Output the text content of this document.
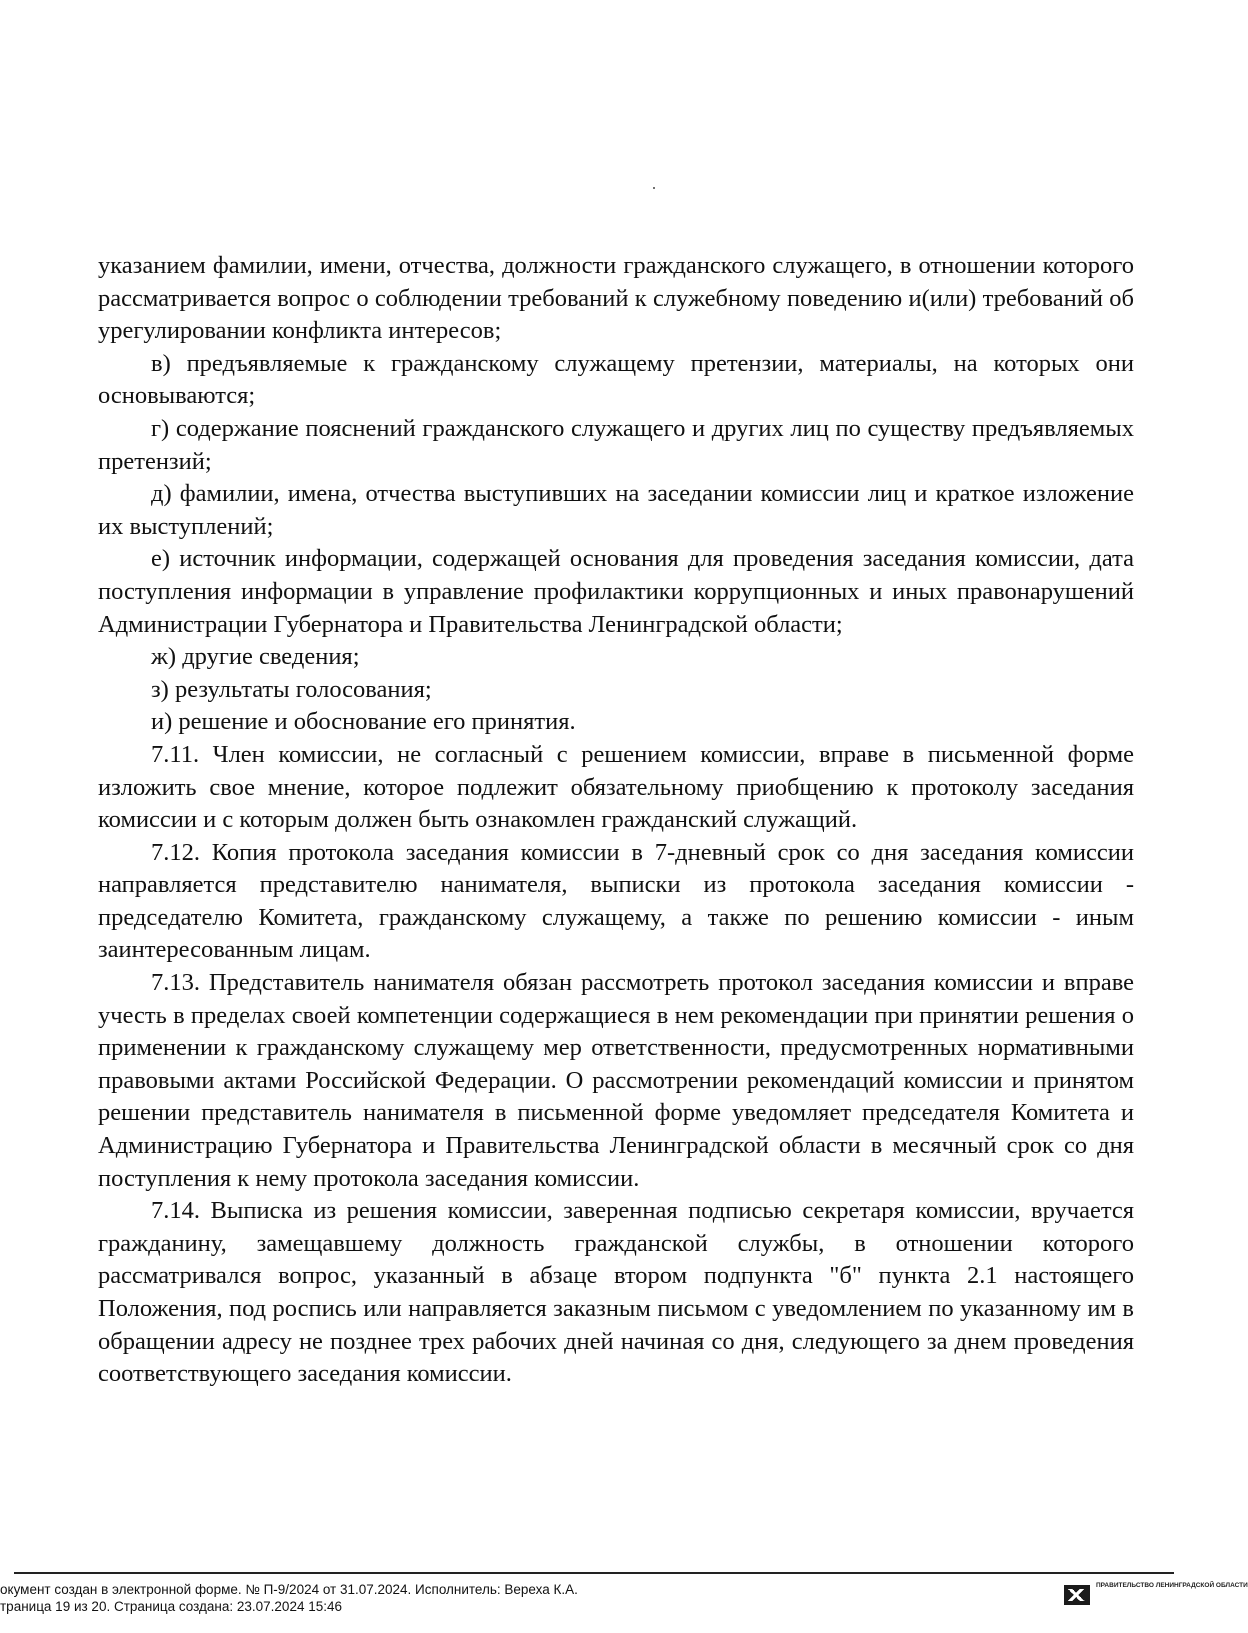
указанием фамилии, имени, отчества, должности гражданского служащего, в отношении которого рассматривается вопрос о соблюдении требований к служебному поведению и(или) требований об урегулировании конфликта интересов;

в) предъявляемые к гражданскому служащему претензии, материалы, на которых они основываются;

г) содержание пояснений гражданского служащего и других лиц по существу предъявляемых претензий;

д) фамилии, имена, отчества выступивших на заседании комиссии лиц и краткое изложение их выступлений;

е) источник информации, содержащей основания для проведения заседания комиссии, дата поступления информации в управление профилактики коррупционных и иных правонарушений Администрации Губернатора и Правительства Ленинградской области;

ж) другие сведения;

з) результаты голосования;

и) решение и обоснование его принятия.

7.11. Член комиссии, не согласный с решением комиссии, вправе в письменной форме изложить свое мнение, которое подлежит обязательному приобщению к протоколу заседания комиссии и с которым должен быть ознакомлен гражданский служащий.

7.12. Копия протокола заседания комиссии в 7-дневный срок со дня заседания комиссии направляется представителю нанимателя, выписки из протокола заседания комиссии - председателю Комитета, гражданскому служащему, а также по решению комиссии - иным заинтересованным лицам.

7.13. Представитель нанимателя обязан рассмотреть протокол заседания комиссии и вправе учесть в пределах своей компетенции содержащиеся в нем рекомендации при принятии решения о применении к гражданскому служащему мер ответственности, предусмотренных нормативными правовыми актами Российской Федерации. О рассмотрении рекомендаций комиссии и принятом решении представитель нанимателя в письменной форме уведомляет председателя Комитета и Администрацию Губернатора и Правительства Ленинградской области в месячный срок со дня поступления к нему протокола заседания комиссии.

7.14. Выписка из решения комиссии, заверенная подписью секретаря комиссии, вручается гражданину, замещавшему должность гражданской службы, в отношении которого рассматривался вопрос, указанный в абзаце втором подпункта "б" пункта 2.1 настоящего Положения, под роспись или направляется заказным письмом с уведомлением по указанному им в обращении адресу не позднее трех рабочих дней начиная со дня, следующего за днем проведения соответствующего заседания комиссии.

окумент создан в электронной форме. № П-9/2024 от 31.07.2024. Исполнитель: Вереха К.А.
траница 19 из 20. Страница создана: 23.07.2024 15:46
ПРАВИТЕЛЬСТВО ЛЕНИНГРАДСКОЙ ОБЛАСТИ
